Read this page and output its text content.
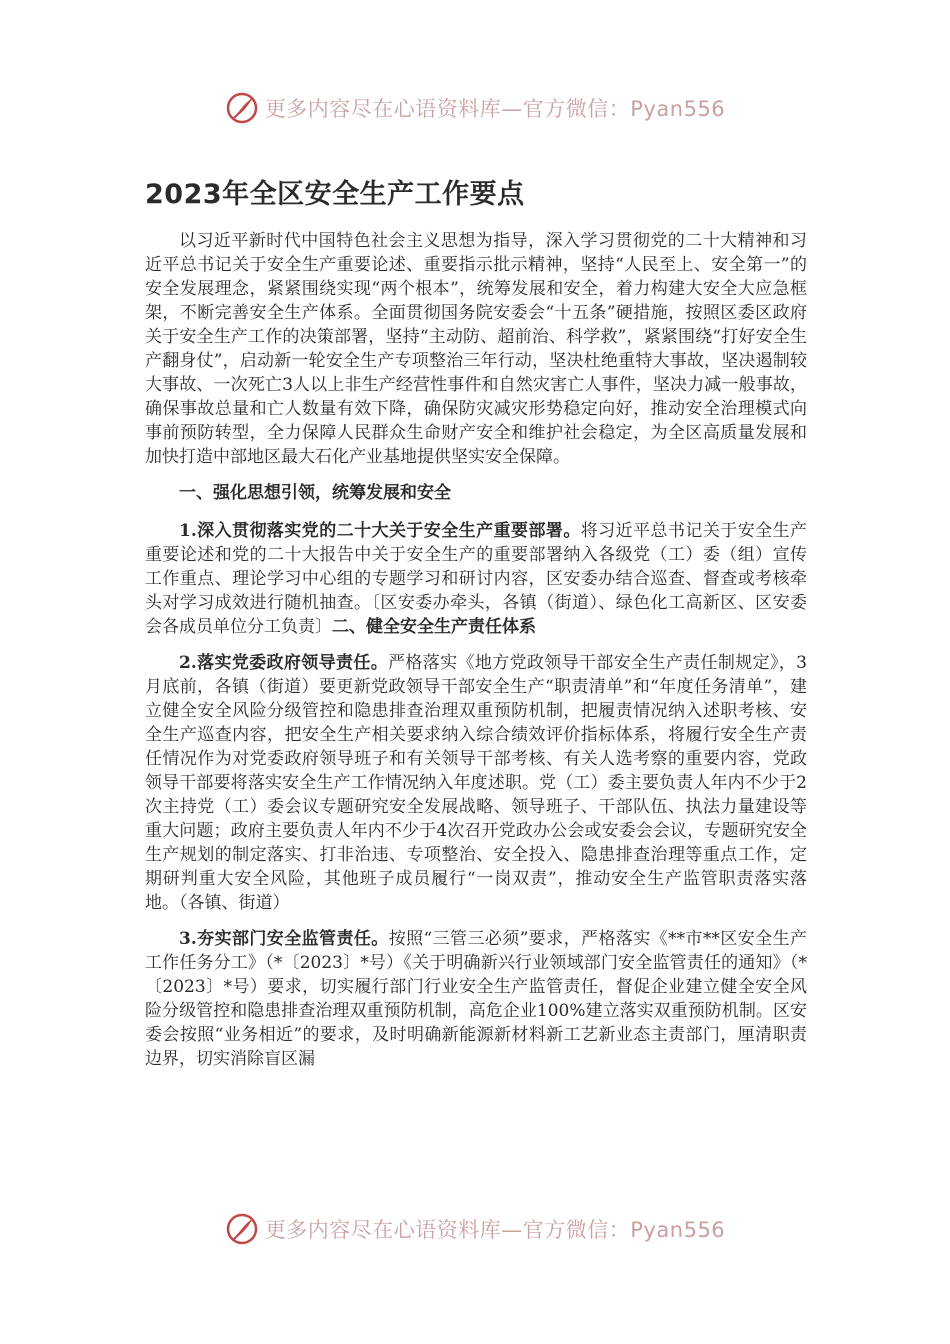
更多内容尽在心语资料库—官方微信：Pyan556
2023年全区安全生产工作要点

以习近平新时代中国特色社会主义思想为指导，深入学习贯彻党的二十大精神和习近平总书记关于安全生产重要论述、重要指示批示精神，坚持“人民至上、安全第一”的安全发展理念，紧紧围绕实现“两个根本”，统筹发展和安全，着力构建大安全大应急框架，不断完善安全生产体系。全面贯彻国务院安委会“十五条”硬措施，按照区委区政府关于安全生产工作的决策部署，坚持“主动防、超前治、科学救”，紧紧围绕“打好安全生产翻身仗”，启动新一轮安全生产专项整治三年行动，坚决杜绝重特大事故，坚决遏制较大事故、一次死亡3人以上非生产经营性事件和自然灾害亡人事件，坚决力减一般事故，确保事故总量和亡人数量有效下降，确保防灾减灾形势稳定向好，推动安全治理模式向事前预防转型，全力保障人民群众生命财产安全和维护社会稳定，为全区高质量发展和加快打造中部地区最大石化产业基地提供坚实安全保障。

一、强化思想引领，统筹发展和安全

1.深入贯彻落实党的二十大关于安全生产重要部署。将习近平总书记关于安全生产重要论述和党的二十大报告中关于安全生产的重要部署纳入各级党（工）委（组）宣传工作重点、理论学习中心组的专题学习和研讨内容，区安委办结合巡查、督查或考核牵头对学习成效进行随机抽查。〔区安委办牵头，各镇（街道）、绿色化工高新区、区安委会各成员单位分工负责〕二、健全安全生产责任体系

2.落实党委政府领导责任。严格落实《地方党政领导干部安全生产责任制规定》，3月底前，各镇（街道）要更新党政领导干部安全生产“职责清单”和“年度任务清单”，建立健全安全风险分级管控和隐患排查治理双重预防机制，把履责情况纳入述职考核、安全生产巡查内容，把安全生产相关要求纳入综合绩效评价指标体系，将履行安全生产责任情况作为对党委政府领导班子和有关领导干部考核、有关人选考察的重要内容，党政领导干部要将落实安全生产工作情况纳入年度述职。党（工）委主要负责人年内不少于2次主持党（工）委会议专题研究安全发展战略、领导班子、干部队伍、执法力量建设等重大问题；政府主要负责人年内不少于4次召开党政办公会或安委会会议，专题研究安全生产规划的制定落实、打非治违、专项整治、安全投入、隐患排查治理等重点工作，定期研判重大安全风险，其他班子成员履行“一岗双责”，推动安全生产监管职责落实落地。（各镇、街道）

3.夯实部门安全监管责任。按照“三管三必须”要求，严格落实《**市**区安全生产工作任务分工》（*〔2023〕*号）《关于明确新兴行业领域部门安全监管责任的通知》（*〔2023〕*号）要求，切实履行部门行业安全生产监管责任，督促企业建立健全安全风险分级管控和隐患排查治理双重预防机制，高危企业100%建立落实双重预防机制。区安委会按照“业务相近”的要求，及时明确新能源新材料新工艺新业态主责部门，厘清职责边界，切实消除盲区漏

更多内容尽在心语资料库—官方微信：Pyan556
